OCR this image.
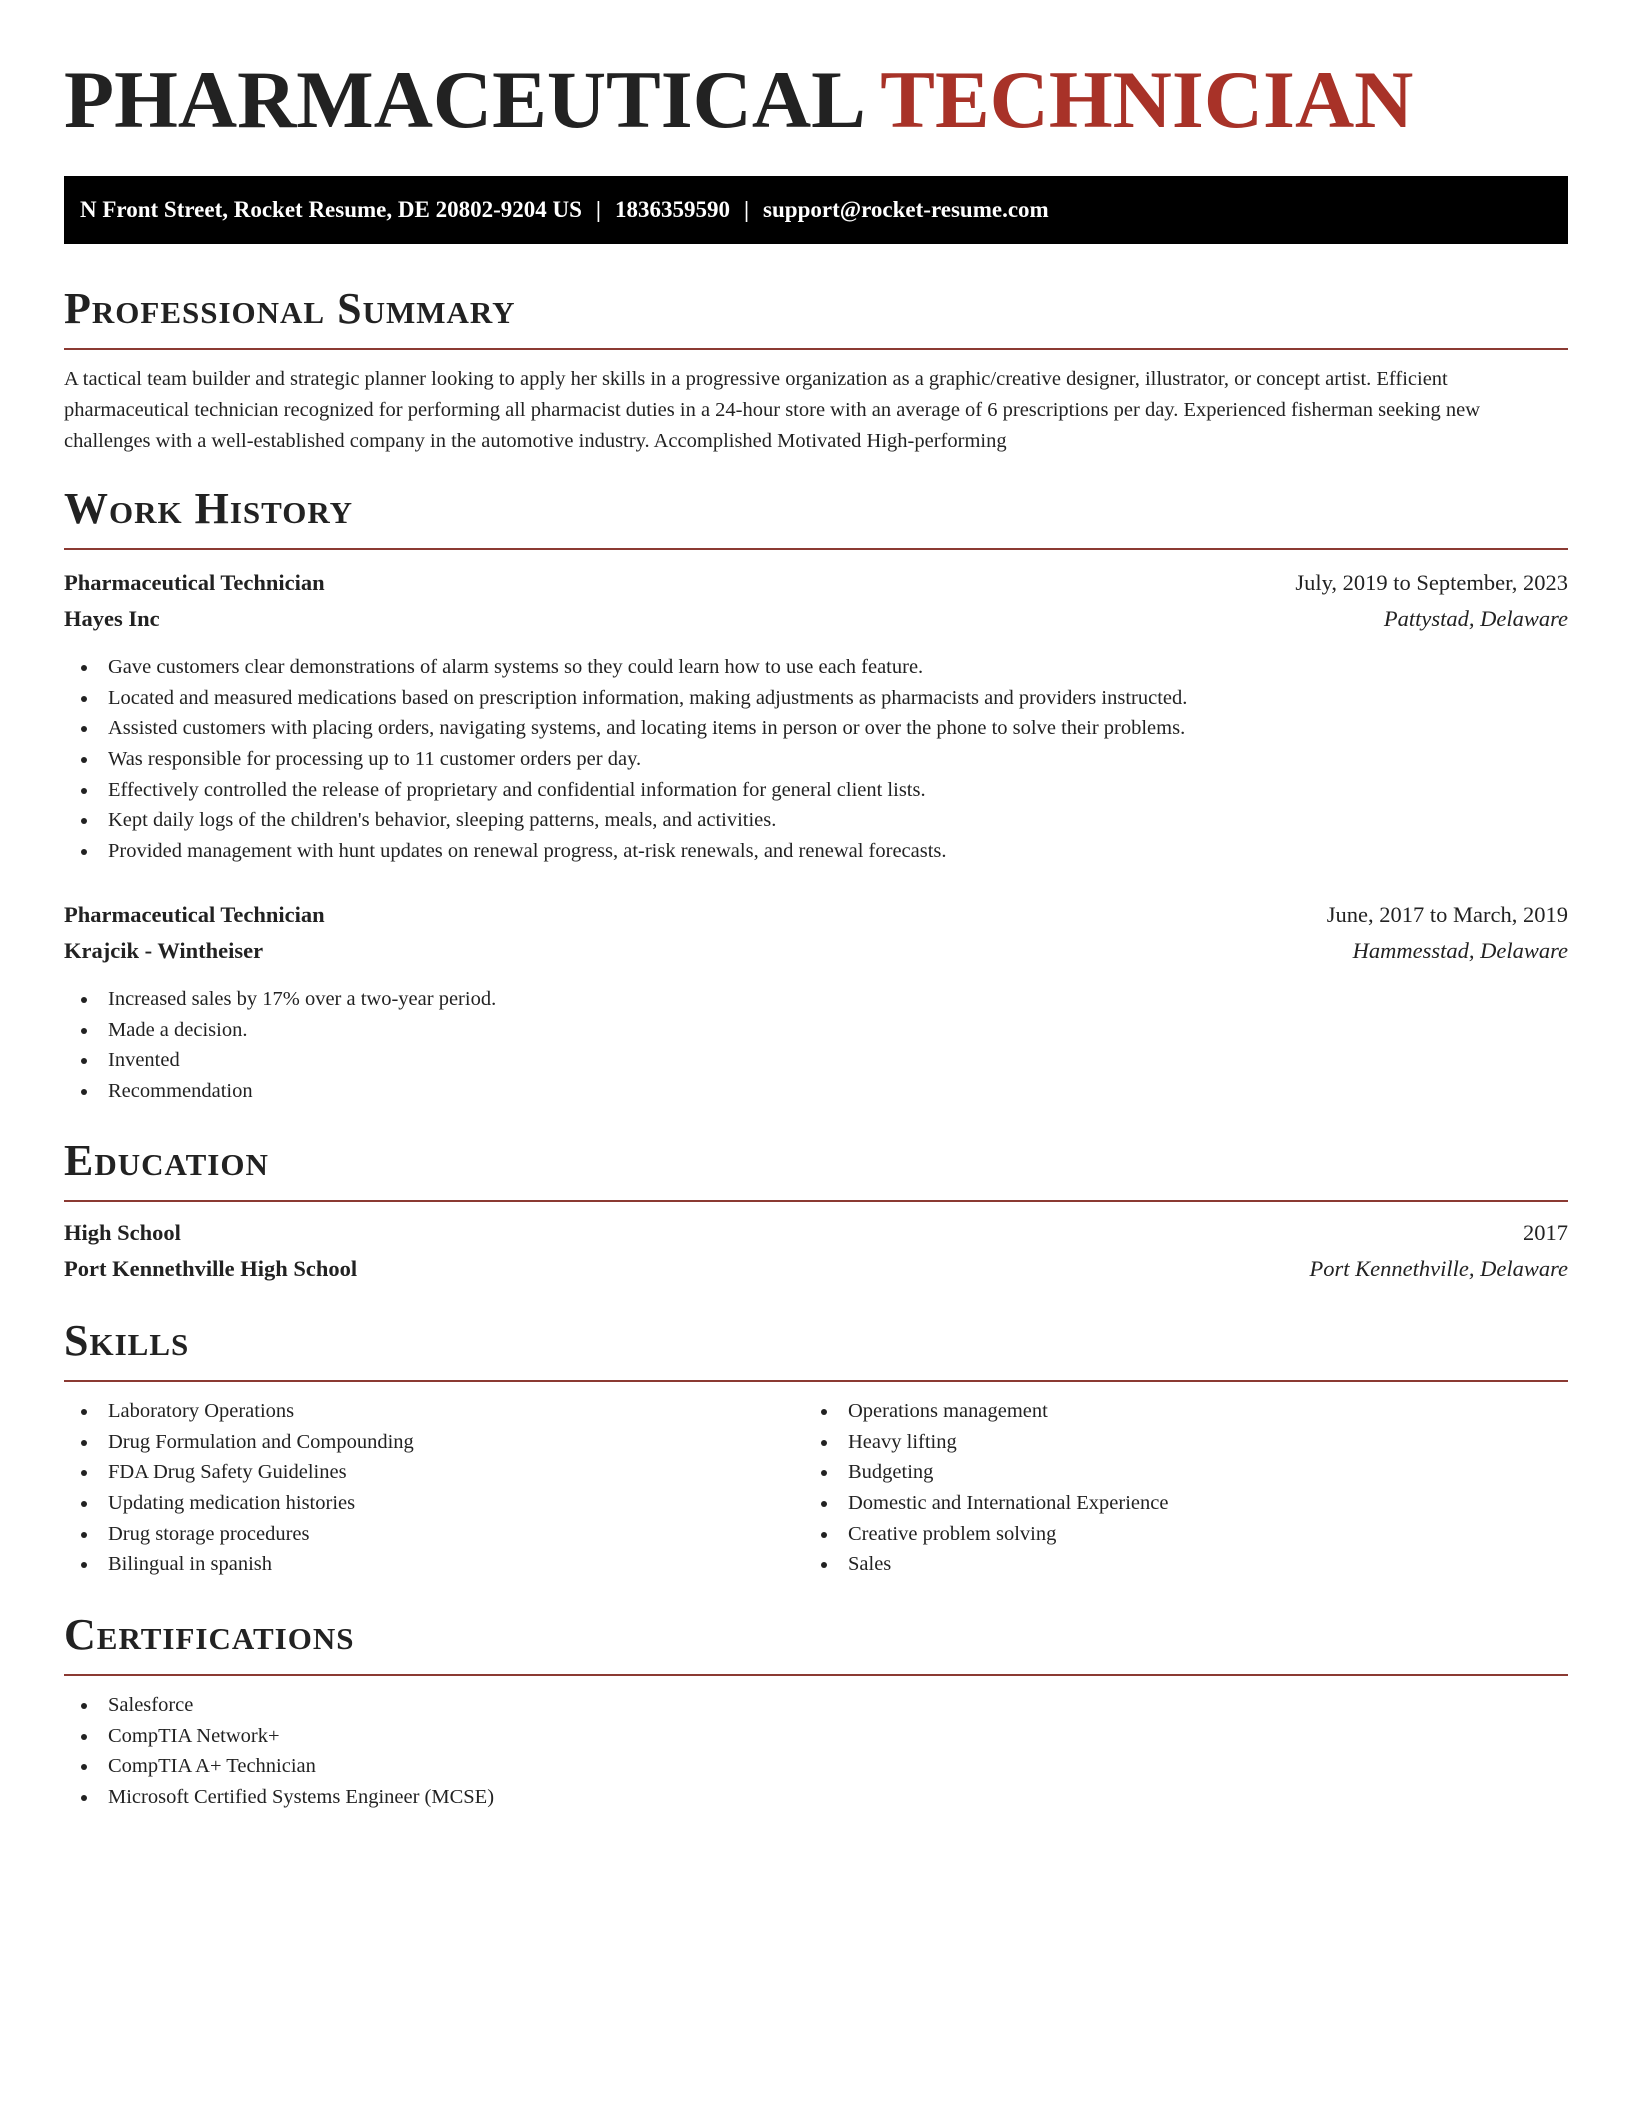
PHARMACEUTICAL TECHNICIAN
N Front Street, Rocket Resume, DE 20802-9204 US | 1836359590 | support@rocket-resume.com
Professional Summary
A tactical team builder and strategic planner looking to apply her skills in a progressive organization as a graphic/creative designer, illustrator, or concept artist. Efficient pharmaceutical technician recognized for performing all pharmacist duties in a 24-hour store with an average of 6 prescriptions per day. Experienced fisherman seeking new challenges with a well-established company in the automotive industry. Accomplished Motivated High-performing
Work History
Pharmaceutical Technician	July, 2019 to September, 2023
Hayes Inc	Pattystad, Delaware
Gave customers clear demonstrations of alarm systems so they could learn how to use each feature.
Located and measured medications based on prescription information, making adjustments as pharmacists and providers instructed.
Assisted customers with placing orders, navigating systems, and locating items in person or over the phone to solve their problems.
Was responsible for processing up to 11 customer orders per day.
Effectively controlled the release of proprietary and confidential information for general client lists.
Kept daily logs of the children's behavior, sleeping patterns, meals, and activities.
Provided management with hunt updates on renewal progress, at-risk renewals, and renewal forecasts.
Pharmaceutical Technician	June, 2017 to March, 2019
Krajcik - Wintheiser	Hammesstad, Delaware
Increased sales by 17% over a two-year period.
Made a decision.
Invented
Recommendation
Education
High School	2017
Port Kennethville High School	Port Kennethville, Delaware
Skills
Laboratory Operations
Drug Formulation and Compounding
FDA Drug Safety Guidelines
Updating medication histories
Drug storage procedures
Bilingual in spanish
Operations management
Heavy lifting
Budgeting
Domestic and International Experience
Creative problem solving
Sales
Certifications
Salesforce
CompTIA Network+
CompTIA A+ Technician
Microsoft Certified Systems Engineer (MCSE)
